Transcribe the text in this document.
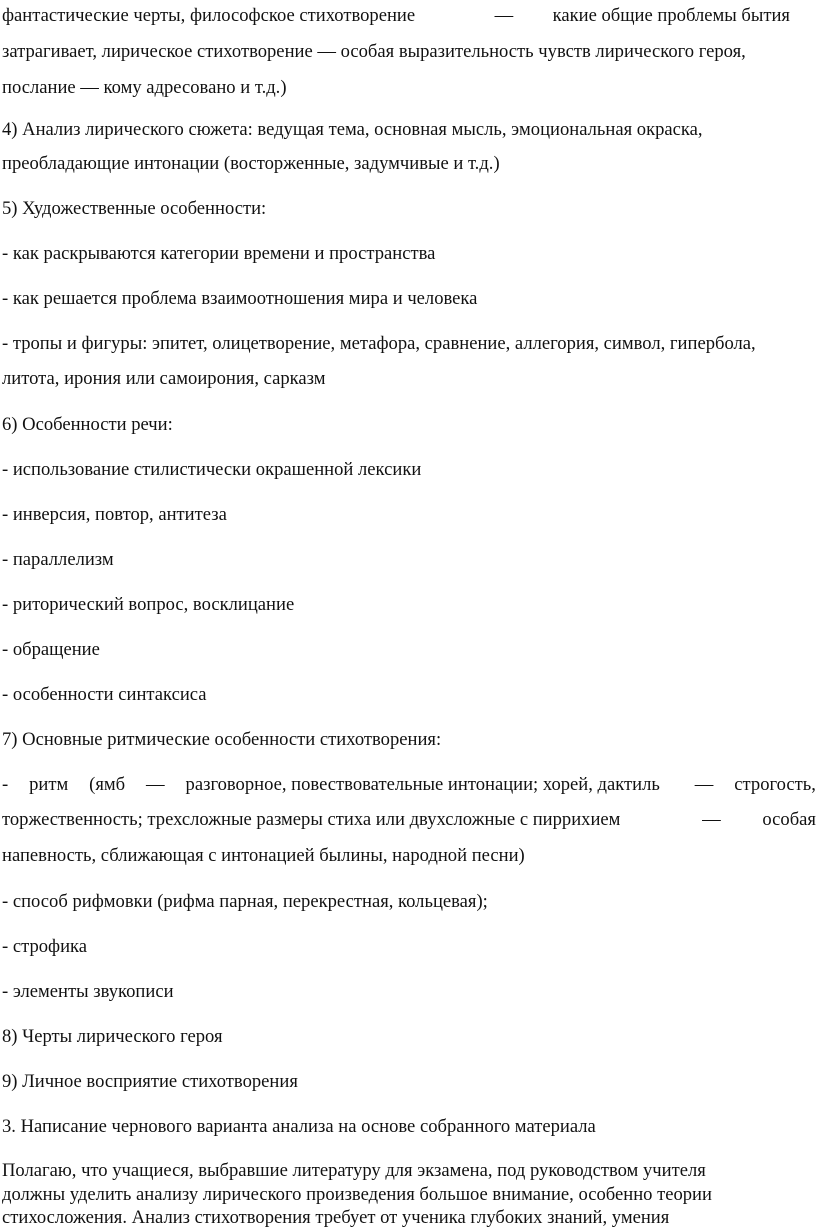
фантастические черты, философское стихотворение	— какие общие проблемы бытия
затрагивает, лирическое стихотворение — особая выразительность чувств лирического героя,
послание — кому адресовано и т.д.)
4) Анализ лирического сюжета: ведущая тема, основная мысль, эмоциональная окраска,
преобладающие интонации (восторженные, задумчивые и т.д.)
5) Художественные особенности:
- как раскрываются категории времени и пространства
- как решается проблема взаимоотношения мира и человека
- тропы и фигуры: эпитет, олицетворение, метафора, сравнение, аллегория, символ, гипербола,
литота, ирония или самоирония, сарказм
6) Особенности речи:
- использование стилистически окрашенной лексики
- инверсия, повтор, антитеза
- параллелизм
- риторический вопрос, восклицание
- обращение
- особенности синтаксиса
7) Основные ритмические особенности стихотворения:
- ритм (ямб — разговорное, повествовательные интонации; хорей, дактиль — строгость,
торжественность; трехсложные размеры стиха или двухсложные с пиррихием	— особая
напевность, сближающая с интонацией былины, народной песни)
- способ рифмовки (рифма парная, перекрестная, кольцевая);
- строфика
- элементы звукописи
8) Черты лирического героя
9) Личное восприятие стихотворения
3. Написание чернового варианта анализа на основе собранного материала
Полагаю, что учащиеся, выбравшие литературу для экзамена, под руководством учителя
должны уделить анализу лирического произведения большое внимание, особенно теории
стихосложения. Анализ стихотворения требует от ученика глубоких знаний, умения
